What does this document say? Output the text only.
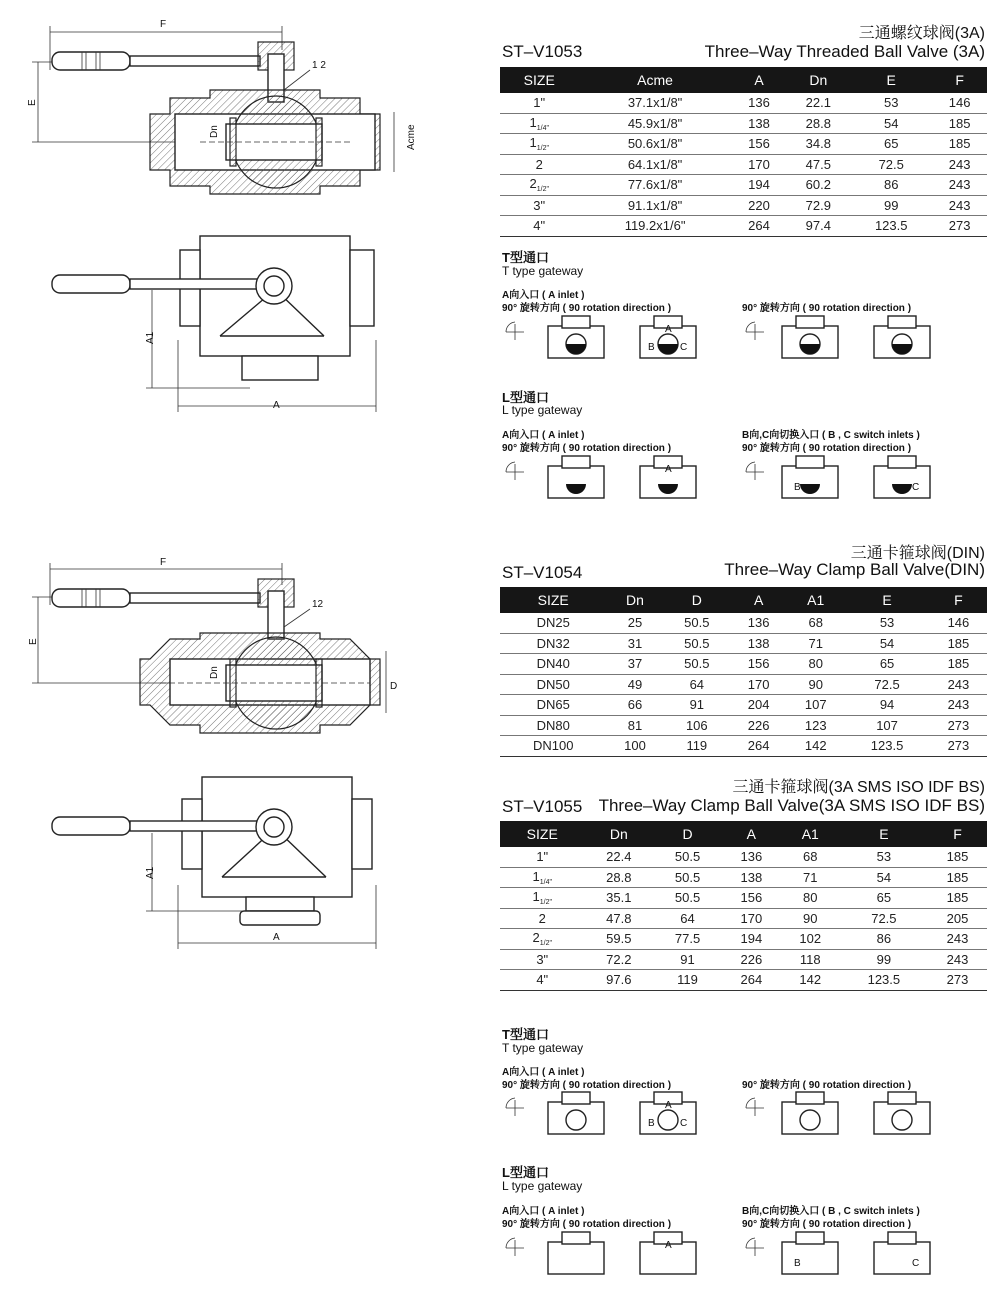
三通螺纹球阀(3A)
ST–V1053	Three–Way Threaded Ball Valve (3A)
SIZE	Acme	A	Dn	E	F
1"	37.1x1/8"	136	22.1	53	146
$1_{1/4"}$	45.9x1/8"	138	28.8	54	185
$1_{1/2"}$	50.6x1/8"	156	34.8	65	185
2	64.1x1/8"	170	47.5	72.5	243
$2_{1/2"}$	77.6x1/8"	194	60.2	86	243
3"	91.1x1/8"	220	72.9	99	243
4"	119.2x1/6"	264	97.4	123.5	273
F
E
1 2
Dn	Acme
A1
A
T型通口
T type gateway
A向入口 ( A inlet )
90° 旋转方向 ( 90 rotation direction )	90° 旋转方向 ( 90 rotation direction )
A
B	C
L型通口
L type gateway
A向入口 ( A inlet )
90° 旋转方向 ( 90 rotation direction )
B向,C向切换入口 ( B , C switch inlets )
90° 旋转方向 ( 90 rotation direction )
A
B	C
三通卡箍球阀(DIN)
ST–V1054	Three–Way Clamp Ball Valve(DIN)
SIZE	Dn	D	A	A1	E	F
DN25	25	50.5	136	68	53	146
DN32	31	50.5	138	71	54	185
DN40	37	50.5	156	80	65	185
DN50	49	64	170	90	72.5	243
DN65	66	91	204	107	94	243
DN80	81	106	226	123	107	273
DN100	100	119	264	142	123.5	273
F
E
12
Dn
D
A1
A
三通卡箍球阀(3A SMS ISO IDF BS)
ST–V1055 Three–Way Clamp Ball Valve(3A SMS ISO IDF BS)
SIZE	Dn	D	A	A1	E	F
1"	22.4	50.5	136	68	53	185
$1_{1/4"}$	28.8	50.5	138	71	54	185
$1_{1/2"}$	35.1	50.5	156	80	65	185
2	47.8	64	170	90	72.5	205
$2_{1/2"}$	59.5	77.5	194	102	86	243
3"	72.2	91	226	118	99	243
4"	97.6	119	264	142	123.5	273
T型通口
T type gateway
A向入口 ( A inlet )
90° 旋转方向 ( 90 rotation direction )	90° 旋转方向 ( 90 rotation direction )
A
B	C
L型通口
L type gateway
A向入口 ( A inlet )
90° 旋转方向 ( 90 rotation direction )
B向,C向切换入口 ( B , C switch inlets )
90° 旋转方向 ( 90 rotation direction )
A
B	C
